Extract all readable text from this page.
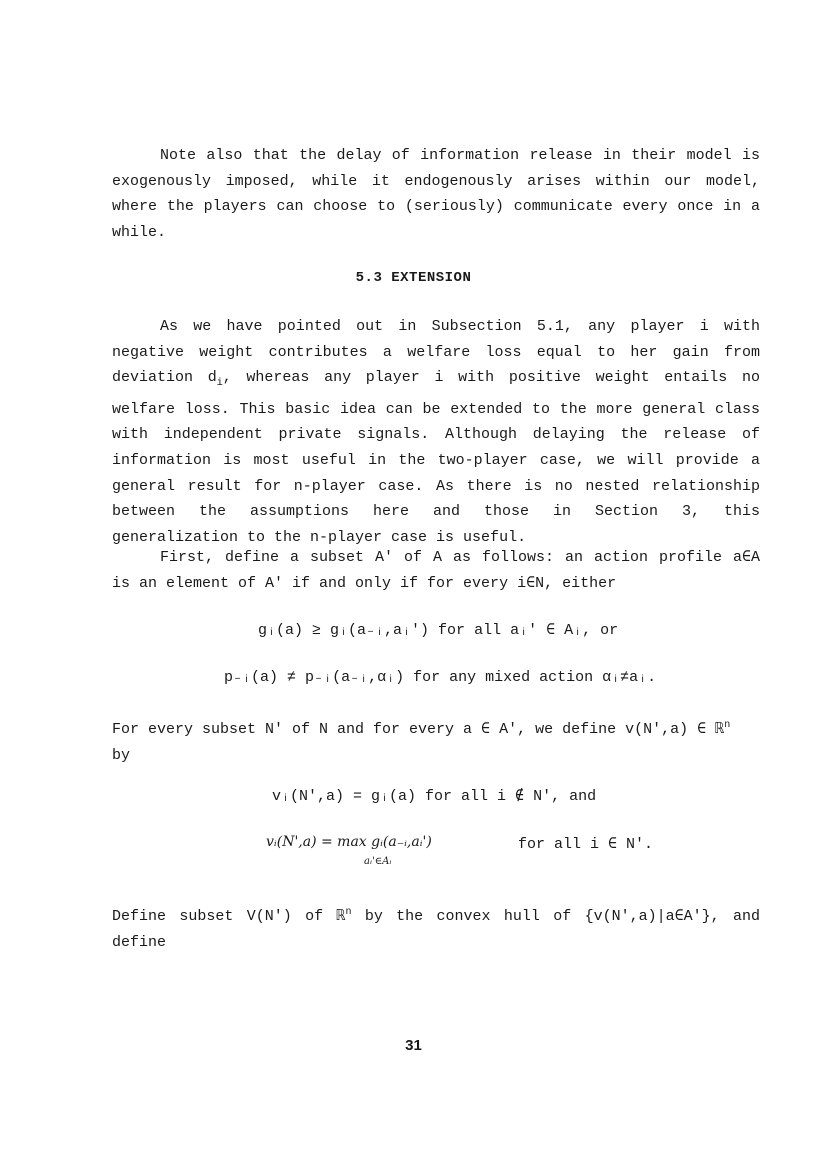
Note also that the delay of information release in their model is exogenously imposed, while it endogenously arises within our model, where the players can choose to (seriously) communicate every once in a while.

5.3 EXTENSION

As we have pointed out in Subsection 5.1, any player i with negative weight contributes a welfare loss equal to her gain from deviation $d_i$, whereas any player i with positive weight entails no welfare loss. This basic idea can be extended to the more general class with independent private signals. Although delaying the release of information is most useful in the two-player case, we will provide a general result for n-player case. As there is no nested relationship between the assumptions here and those in Section 3, this generalization to the n-player case is useful.

First, define a subset A' of A as follows: an action profile a∈A is an element of A' if and only if for every i∈N, either

gᵢ(a) ≥ gᵢ(a₋ᵢ,aᵢ') for all aᵢ' ∈ Aᵢ, or
p₋ᵢ(a) ≠ p₋ᵢ(a₋ᵢ,αᵢ) for any mixed action αᵢ≠aᵢ.

For every subset N' of N and for every a ∈ A', we define v(N',a) ∈ ℝ$^n$
by

vᵢ(N',a) = gᵢ(a) for all i ∉ N', and
vᵢ(N',a) = max gᵢ(a₋ᵢ,aᵢ')
aᵢ'∈Aᵢ
for all i ∈ N'.

Define subset V(N') of ℝ$^n$ by the convex hull of {v(N',a)|a∈A'}, and define

31
